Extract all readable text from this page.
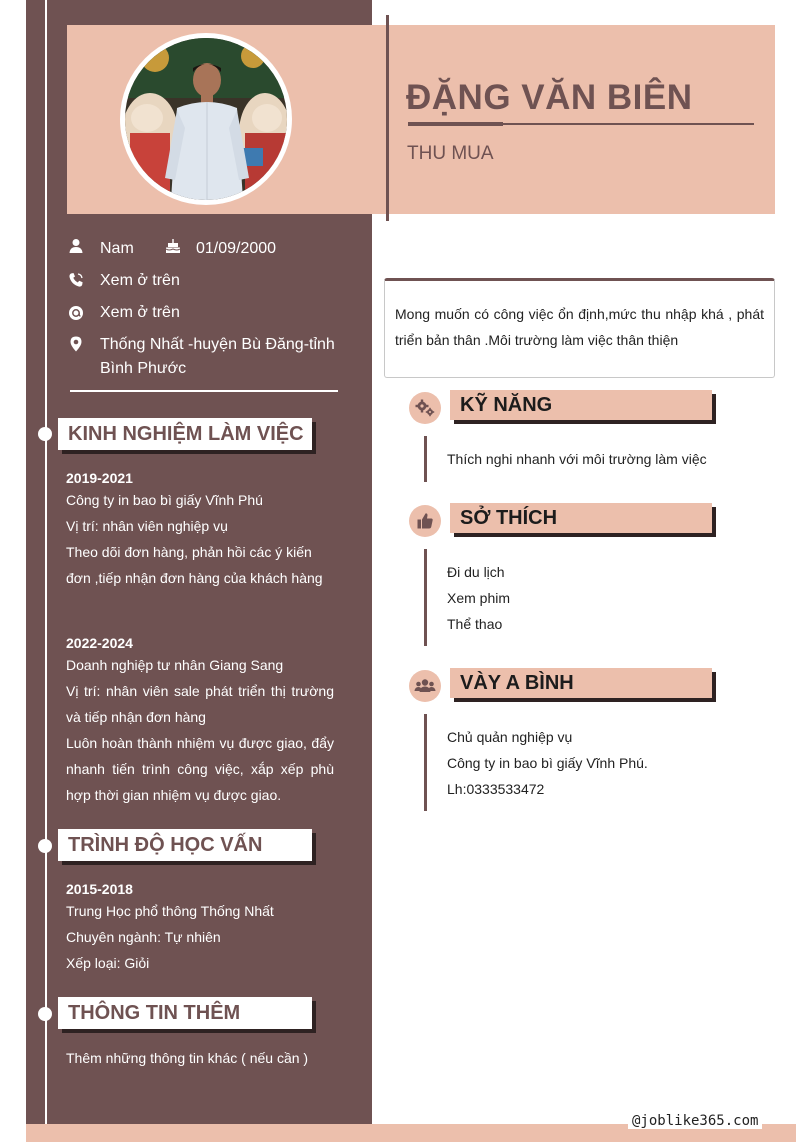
ĐẶNG VĂN BIÊN
THU MUA
Nam	01/09/2000
Xem ở trên
Xem ở trên
Thống Nhất -huyện Bù Đăng-tỉnh Bình Phước
KINH NGHIỆM LÀM VIỆC
2019-2021
Công ty in bao bì giấy Vĩnh Phú
Vị trí: nhân viên nghiệp vụ
Theo dõi đơn hàng, phản hồi các ý kiến đơn ,tiếp nhận đơn hàng của khách hàng
2022-2024
Doanh nghiệp tư nhân Giang Sang
Vị trí: nhân viên sale phát triển thị trường và tiếp nhận đơn hàng
Luôn hoàn thành nhiệm vụ được giao, đẩy nhanh tiến trình công việc, xắp xếp phù hợp thời gian nhiệm vụ được giao.
TRÌNH ĐỘ HỌC VẤN
2015-2018
Trung Học phổ thông Thống Nhất
Chuyên ngành: Tự nhiên
Xếp loại: Giỏi
THÔNG TIN THÊM
Thêm những thông tin khác ( nếu cần )
Mong muốn có công việc ổn định,mức thu nhập khá , phát triển bản thân .Môi trường làm việc thân thiện
KỸ NĂNG
Thích nghi nhanh với môi trường làm việc
SỞ THÍCH
Đi du lịch
Xem phim
Thể thao
VÀY A BÌNH
Chủ quản nghiệp vụ
Công ty in bao bì giấy Vĩnh Phú.
Lh:0333533472
@joblike365.com
